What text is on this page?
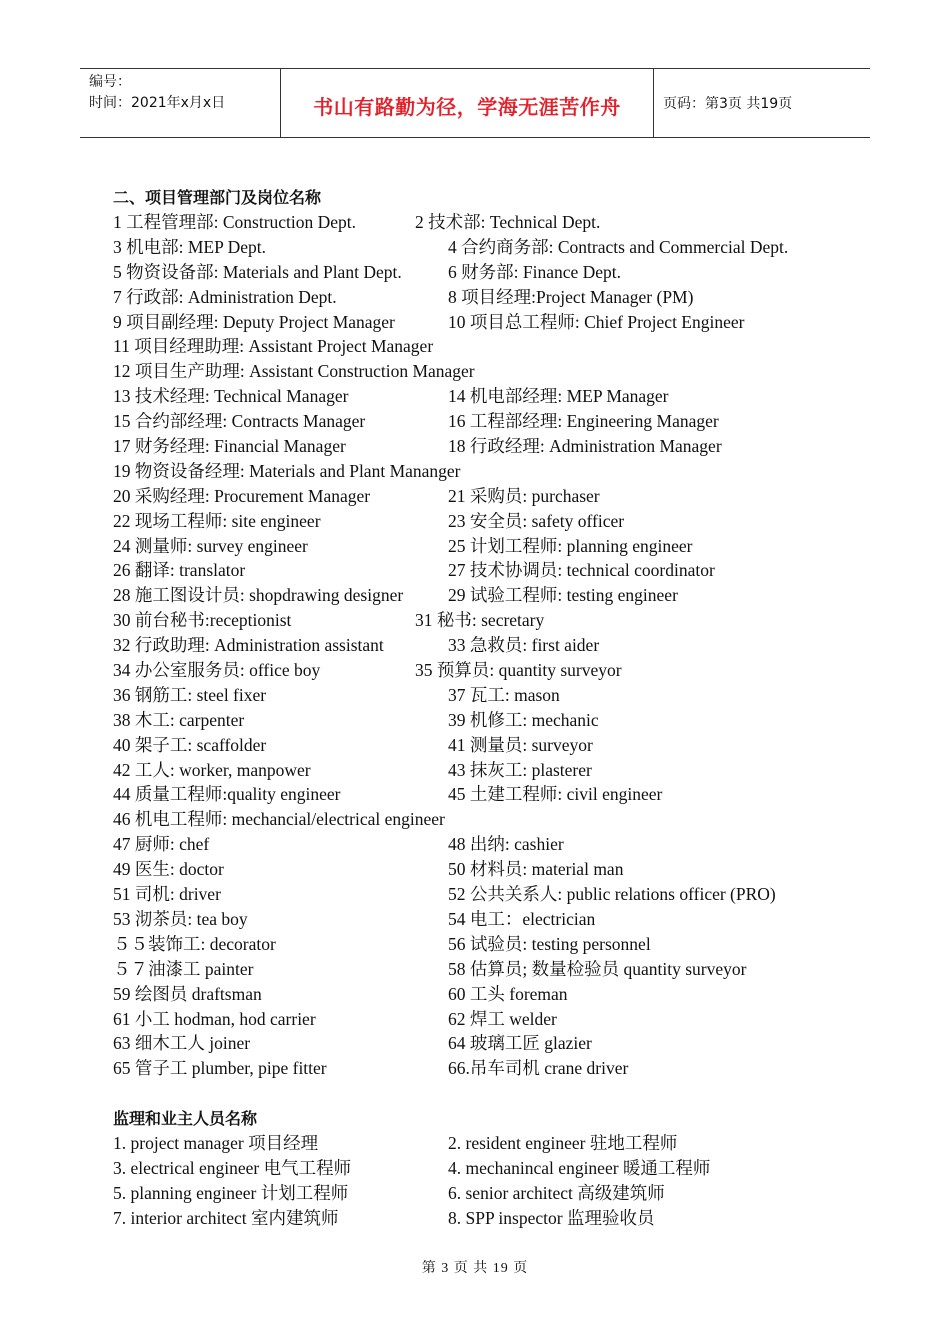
编号：
时间：2021年x月x日	书山有路勤为径，学海无涯苦作舟	页码：第3页 共19页
二、项目管理部门及岗位名称
1 工程管理部: Construction Dept.	2 技术部: Technical Dept.
3 机电部: MEP Dept.	4 合约商务部: Contracts and Commercial Dept.
5 物资设备部: Materials and Plant Dept.	6 财务部: Finance Dept.
7 行政部: Administration Dept.	8 项目经理:Project Manager (PM)
9 项目副经理: Deputy Project Manager	10 项目总工程师: Chief Project Engineer
11 项目经理助理: Assistant Project Manager
12 项目生产助理: Assistant Construction Manager
13 技术经理: Technical Manager	14 机电部经理: MEP Manager
15 合约部经理: Contracts Manager	16 工程部经理: Engineering Manager
17 财务经理: Financial Manager	18 行政经理: Administration Manager
19 物资设备经理: Materials and Plant Mananger
20 采购经理: Procurement Manager	21 采购员: purchaser
22 现场工程师: site engineer	23 安全员: safety officer
24 测量师: survey engineer	25 计划工程师: planning engineer
26 翻译: translator	27 技术协调员: technical coordinator
28 施工图设计员: shopdrawing designer	29 试验工程师: testing engineer
30 前台秘书:receptionist	31 秘书: secretary
32 行政助理: Administration assistant	33 急救员: first aider
34 办公室服务员: office boy	35 预算员: quantity surveyor
36 钢筋工: steel fixer	37 瓦工: mason
38 木工: carpenter	39 机修工: mechanic
40 架子工: scaffolder	41 测量员: surveyor
42 工人: worker, manpower	43 抹灰工: plasterer
44 质量工程师:quality engineer	45 土建工程师: civil engineer
46 机电工程师: mechancial/electrical engineer
47 厨师: chef	48 出纳: cashier
49 医生: doctor	50 材料员: material man
51 司机: driver	52 公共关系人: public relations officer (PRO)
53 沏茶员: tea boy	54 电工：electrician
５５装饰工: decorator	56 试验员: testing personnel
５７油漆工 painter	58 估算员; 数量检验员 quantity surveyor
59 绘图员 draftsman	60 工头 foreman
61 小工 hodman, hod carrier	62 焊工 welder
63 细木工人 joiner	64 玻璃工匠 glazier
65 管子工 plumber, pipe fitter	66.吊车司机 crane driver
监理和业主人员名称
1. project manager 项目经理	2. resident engineer 驻地工程师
3. electrical engineer 电气工程师	4. mechanincal engineer 暖通工程师
5. planning engineer 计划工程师	6. senior architect 高级建筑师
7. interior architect 室内建筑师	8. SPP inspector 监理验收员
第 3 页 共 19 页
